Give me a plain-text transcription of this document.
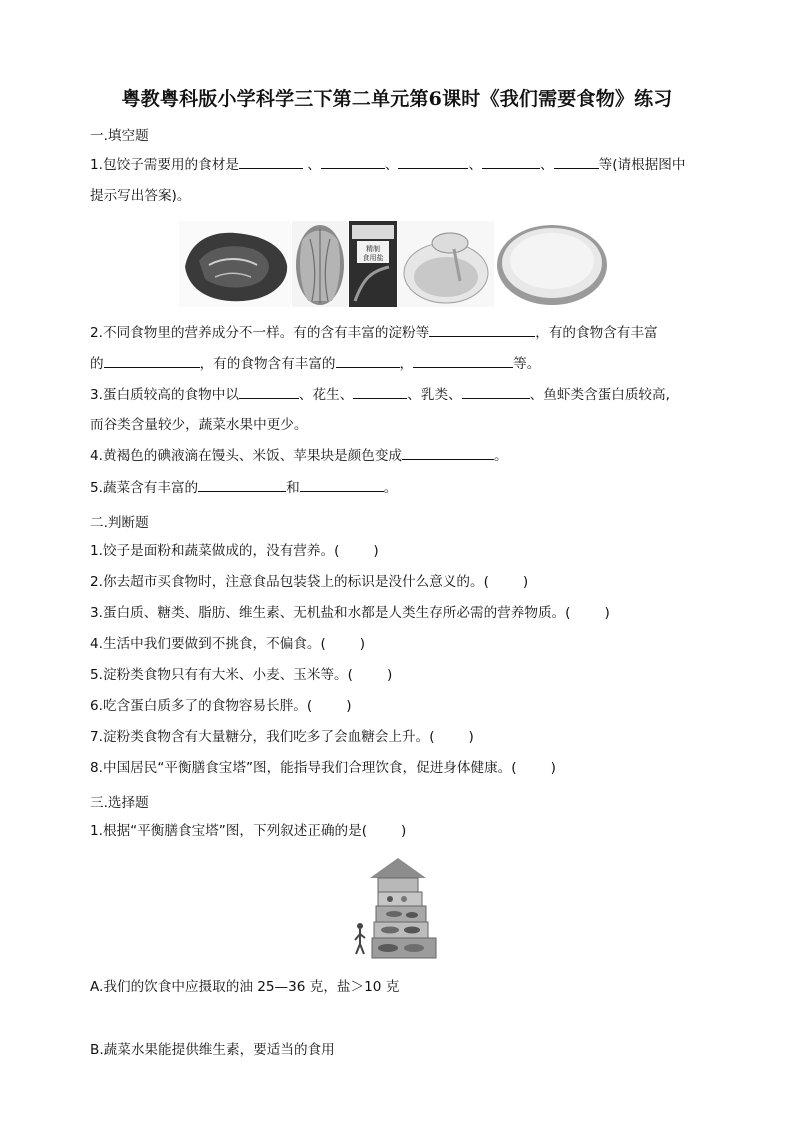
粤教粤科版小学科学三下第二单元第6课时《我们需要食物》练习
一.填空题
1.包饺子需要用的食材是	、	、	、	、	等(请根据图中
提示写出答案)。
精制
食用盐
2.不同食物里的营养成分不一样。有的含有丰富的淀粉等	，有的食物含有丰富
的	，有的食物含有丰富的	，	等。
3.蛋白质较高的食物中以	、花生、	、乳类、	、鱼虾类含蛋白质较高,
而谷类含量较少，蔬菜水果中更少。
4.黄褐色的碘液滴在馒头、米饭、苹果块是颜色变成	。
5.蔬菜含有丰富的	和	。
二.判断题
1.饺子是面粉和蔬菜做成的，没有营养。(	)
2.你去超市买食物时，注意食品包装袋上的标识是没什么意义的。(	)
3.蛋白质、糖类、脂肪、维生素、无机盐和水都是人类生存所必需的营养物质。(	)
4.生活中我们要做到不挑食，不偏食。(	)
5.淀粉类食物只有有大米、小麦、玉米等。(	)
6.吃含蛋白质多了的食物容易长胖。(	)
7.淀粉类食物含有大量糖分，我们吃多了会血糖会上升。(	)
8.中国居民“平衡膳食宝塔”图，能指导我们合理饮食，促进身体健康。(	)
三.选择题
1.根据“平衡膳食宝塔”图，下列叙述正确的是(	)
A.我们的饮食中应摄取的油 25—36 克，盐＞10 克
B.蔬菜水果能提供维生素，要适当的食用
